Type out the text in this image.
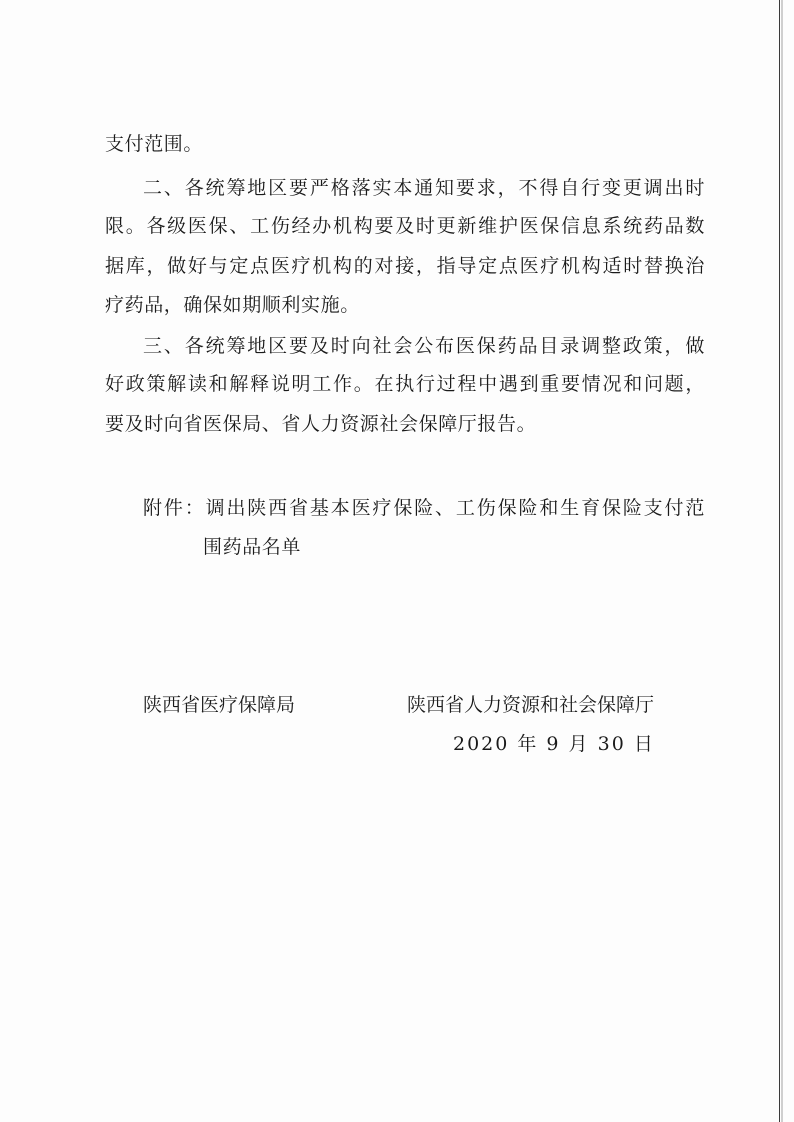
支付范围。

二、各统筹地区要严格落实本通知要求，不得自行变更调出时

限。各级医保、工伤经办机构要及时更新维护医保信息系统药品数

据库，做好与定点医疗机构的对接，指导定点医疗机构适时替换治

疗药品，确保如期顺利实施。

三、各统筹地区要及时向社会公布医保药品目录调整政策，做

好政策解读和解释说明工作。在执行过程中遇到重要情况和问题，

要及时向省医保局、省人力资源社会保障厅报告。

附件：调出陕西省基本医疗保险、工伤保险和生育保险支付范

围药品名单

陕西省医疗保障局	陕西省人力资源和社会保障厅

2020 年 9 月 30 日
